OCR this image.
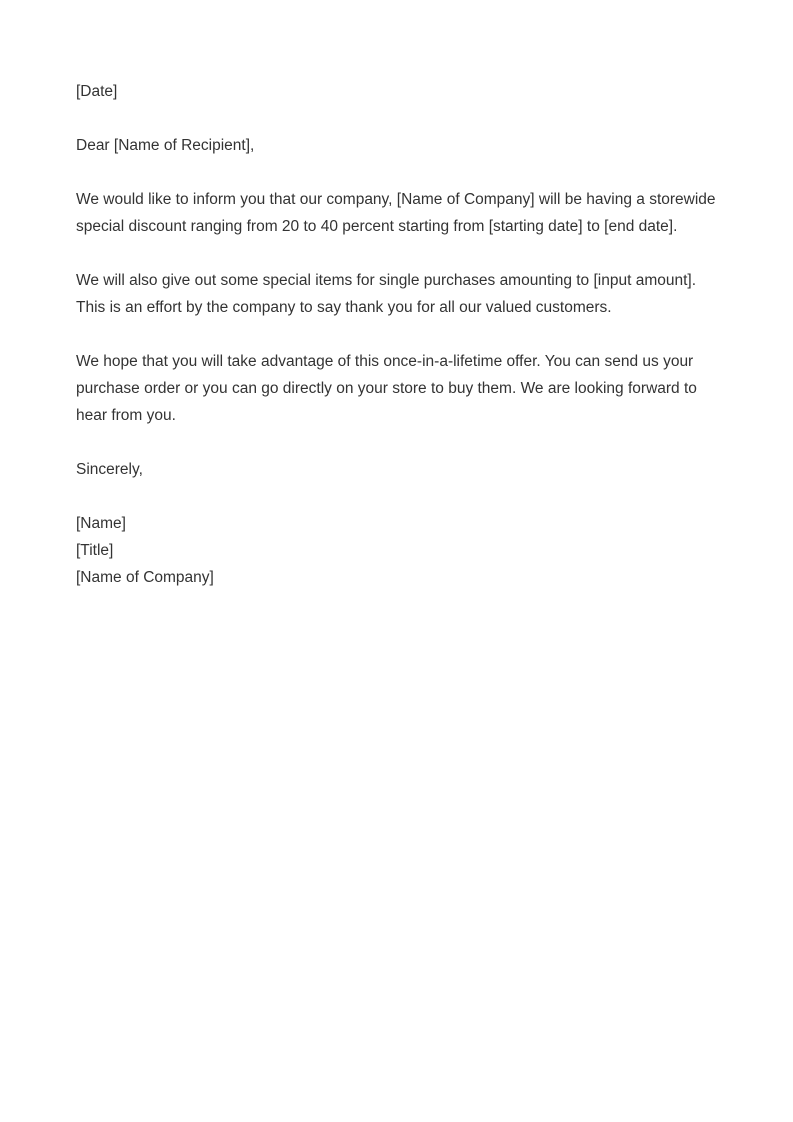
[Date]

Dear [Name of Recipient],

We would like to inform you that our company, [Name of Company] will be having a storewide special discount ranging from 20 to 40 percent starting from [starting date] to [end date].

We will also give out some special items for single purchases amounting to [input amount]. This is an effort by the company to say thank you for all our valued customers.

We hope that you will take advantage of this once-in-a-lifetime offer. You can send us your purchase order or you can go directly on your store to buy them. We are looking forward to hear from you.

Sincerely,

[Name]

[Title]

[Name of Company]
